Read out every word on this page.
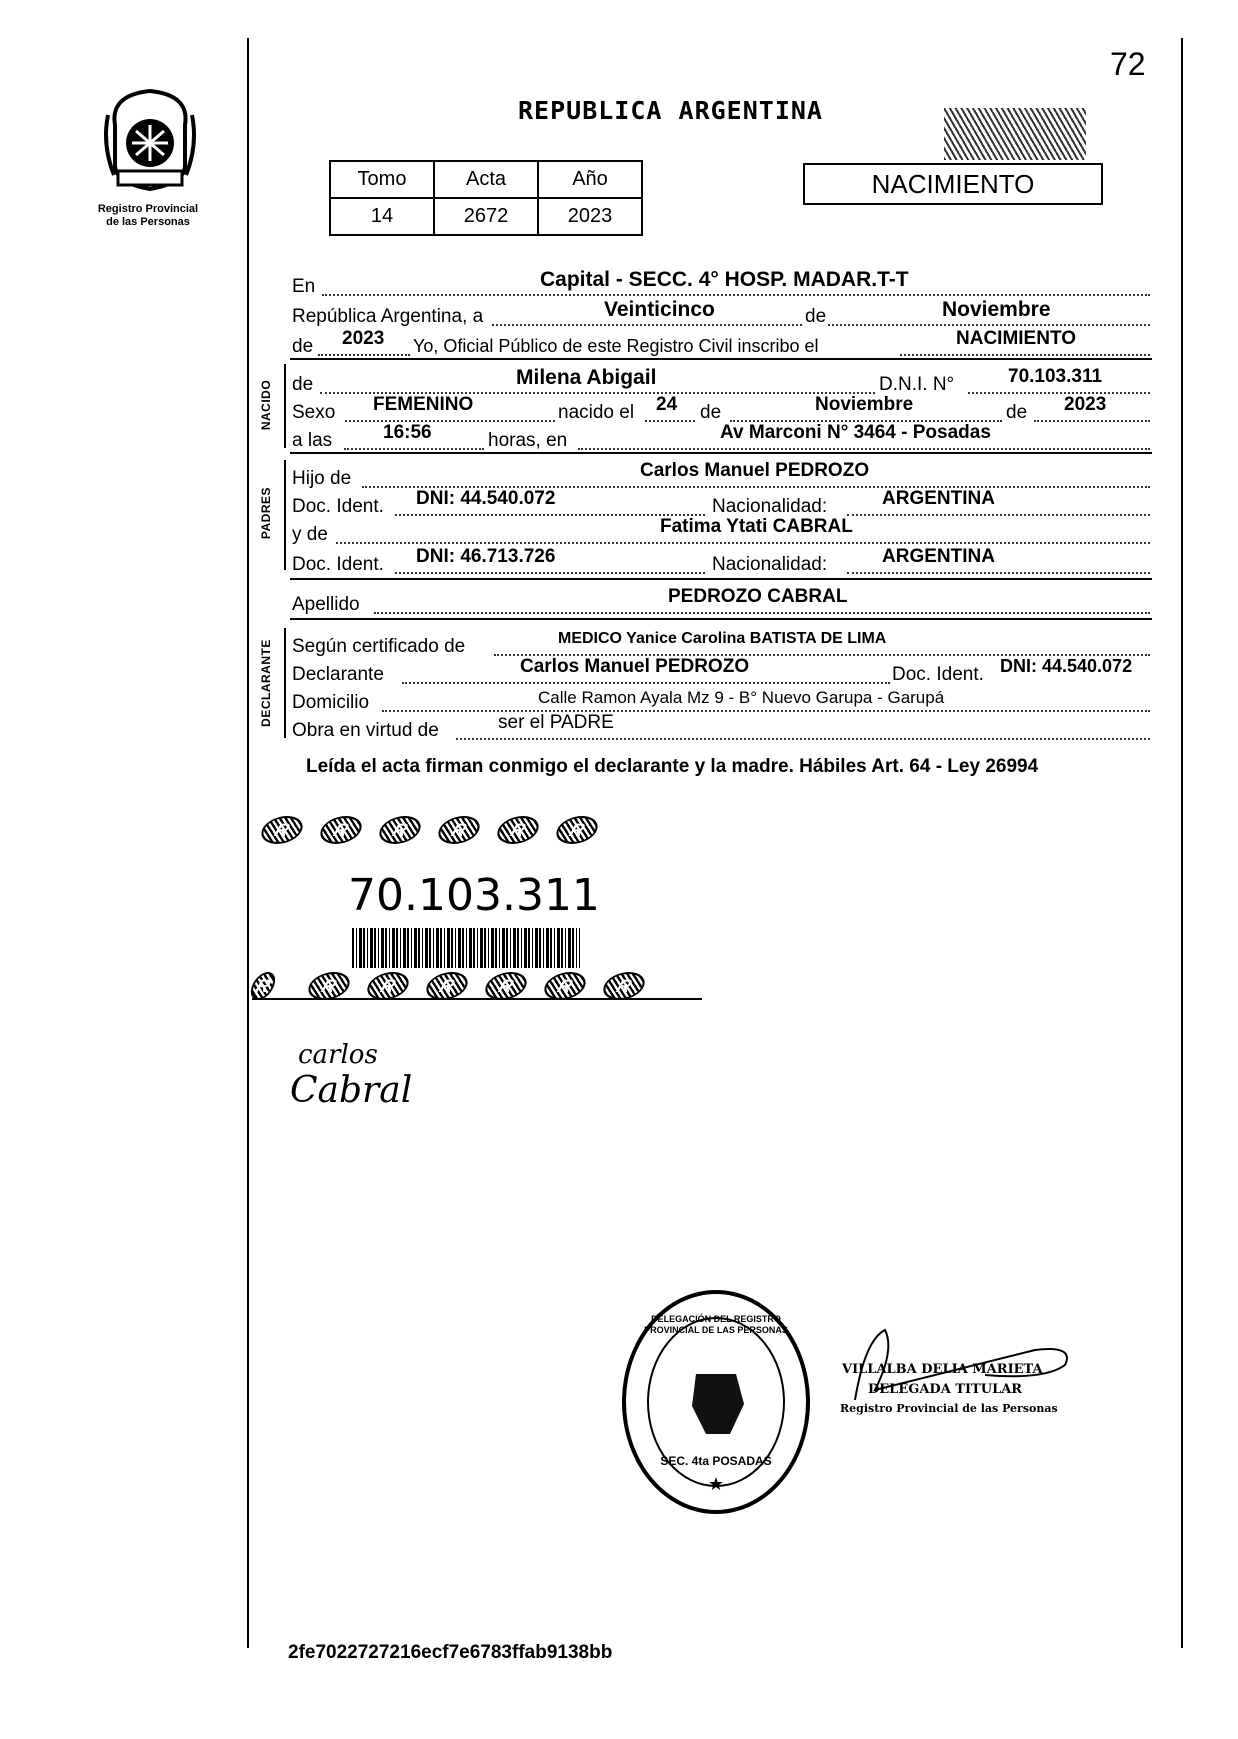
Registro Provincial
de las Personas
72
REPUBLICA ARGENTINA
NACIMIENTO
Tomo	Acta	Año
14	2672	2023
En	Capital - SECC. 4° HOSP. MADAR.T-T
República Argentina, a	Veinticinco	de	Noviembre
de 2023 Yo, Oficial Público de este Registro Civil inscribo el	NACIMIENTO
NACIDO de	Milena Abigail	D.N.I. N°	70.103.311
Sexo FEMENINO	nacido el 24 de	Noviembre	de 2023
a las	16:56	horas, en	Av Marconi N° 3464 - Posadas
PADRES
Hijo de	Carlos Manuel PEDROZO
Doc. Ident. DNI: 44.540.072	Nacionalidad:	ARGENTINA
y de	Fatima Ytati CABRAL
Doc. Ident. DNI: 46.713.726	Nacionalidad:	ARGENTINA
Apellido	PEDROZO CABRAL
DECLARANTE Según certificado de	MEDICO Yanice Carolina BATISTA DE LIMA
Declarante	Carlos Manuel PEDROZO	Doc. Ident. DNI: 44.540.072
Domicilio	Calle Ramon Ayala Mz 9 - B° Nuevo Garupa - Garupá
Obra en virtud de	ser el PADRE
Leída el acta firman conmigo el declarante y la madre. Hábiles Art. 64 - Ley 26994
R R R R R R
70.103.311
R	R R R R R R
carlos
Cabral
★
DELEGACIÓN DEL REGISTRO PROVINCIAL DE LAS PERSONAS
SEC. 4ta POSADAS
VILLALBA DELIA MARIETA
DELEGADA TITULAR
Registro Provincial de las Personas
2fe7022727216ecf7e6783ffab9138bb
